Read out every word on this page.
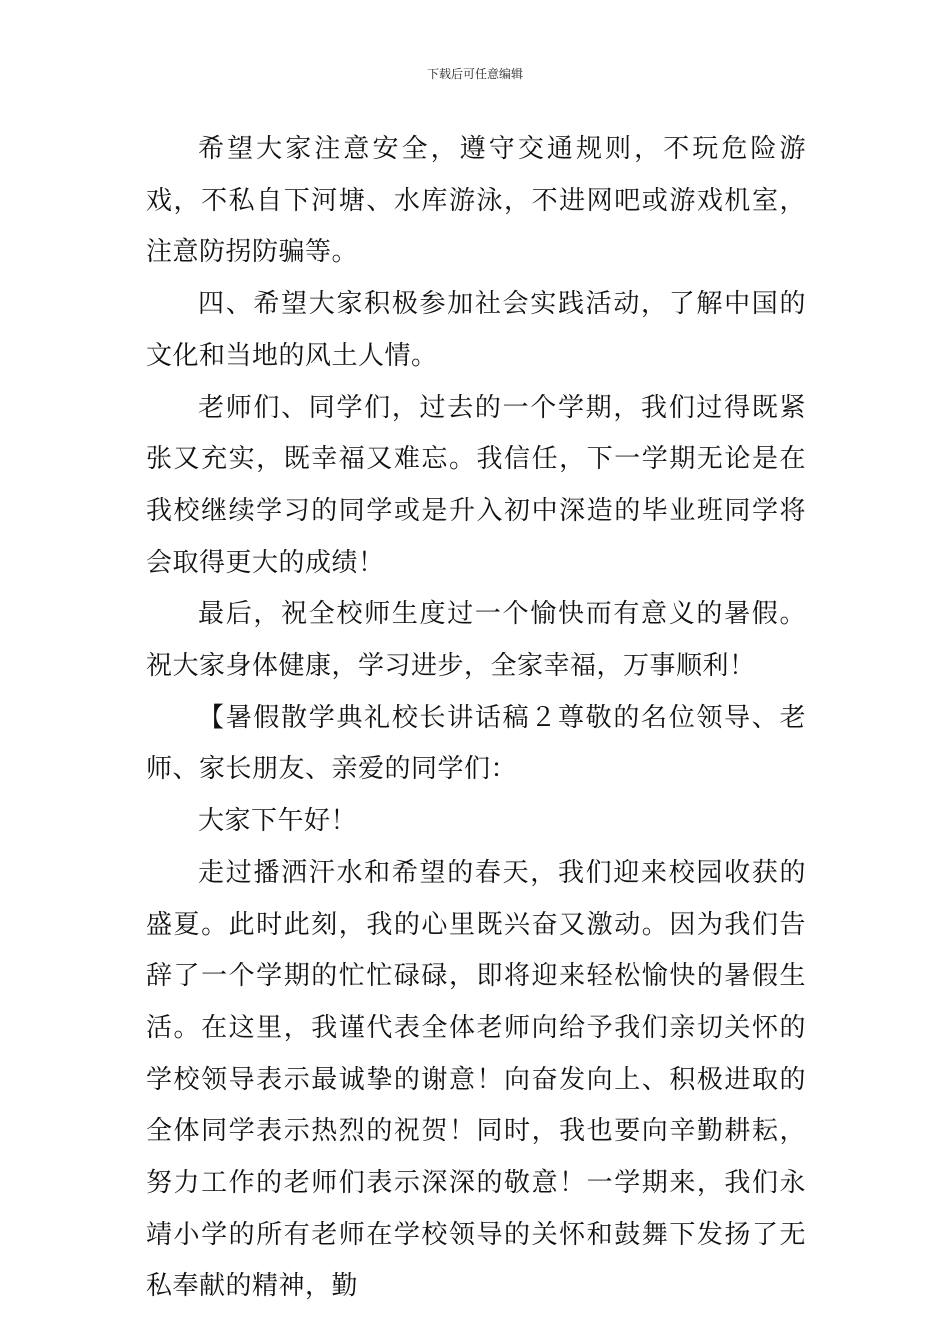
下载后可任意编辑

希望大家注意安全，遵守交通规则，不玩危险游戏，不私自下河塘、水库游泳，不进网吧或游戏机室，注意防拐防骗等。

四、希望大家积极参加社会实践活动，了解中国的文化和当地的风土人情。

老师们、同学们，过去的一个学期，我们过得既紧张又充实，既幸福又难忘。我信任，下一学期无论是在我校继续学习的同学或是升入初中深造的毕业班同学将会取得更大的成绩！

最后，祝全校师生度过一个愉快而有意义的暑假。祝大家身体健康，学习进步，全家幸福，万事顺利！

【暑假散学典礼校长讲话稿２尊敬的名位领导、老师、家长朋友、亲爱的同学们：

大家下午好！

走过播洒汗水和希望的春天，我们迎来校园收获的盛夏。此时此刻，我的心里既兴奋又激动。因为我们告辞了一个学期的忙忙碌碌，即将迎来轻松愉快的暑假生活。在这里，我谨代表全体老师向给予我们亲切关怀的学校领导表示最诚挚的谢意！向奋发向上、积极进取的全体同学表示热烈的祝贺！同时，我也要向辛勤耕耘，努力工作的老师们表示深深的敬意！一学期来，我们永靖小学的所有老师在学校领导的关怀和鼓舞下发扬了无私奉献的精神，勤
